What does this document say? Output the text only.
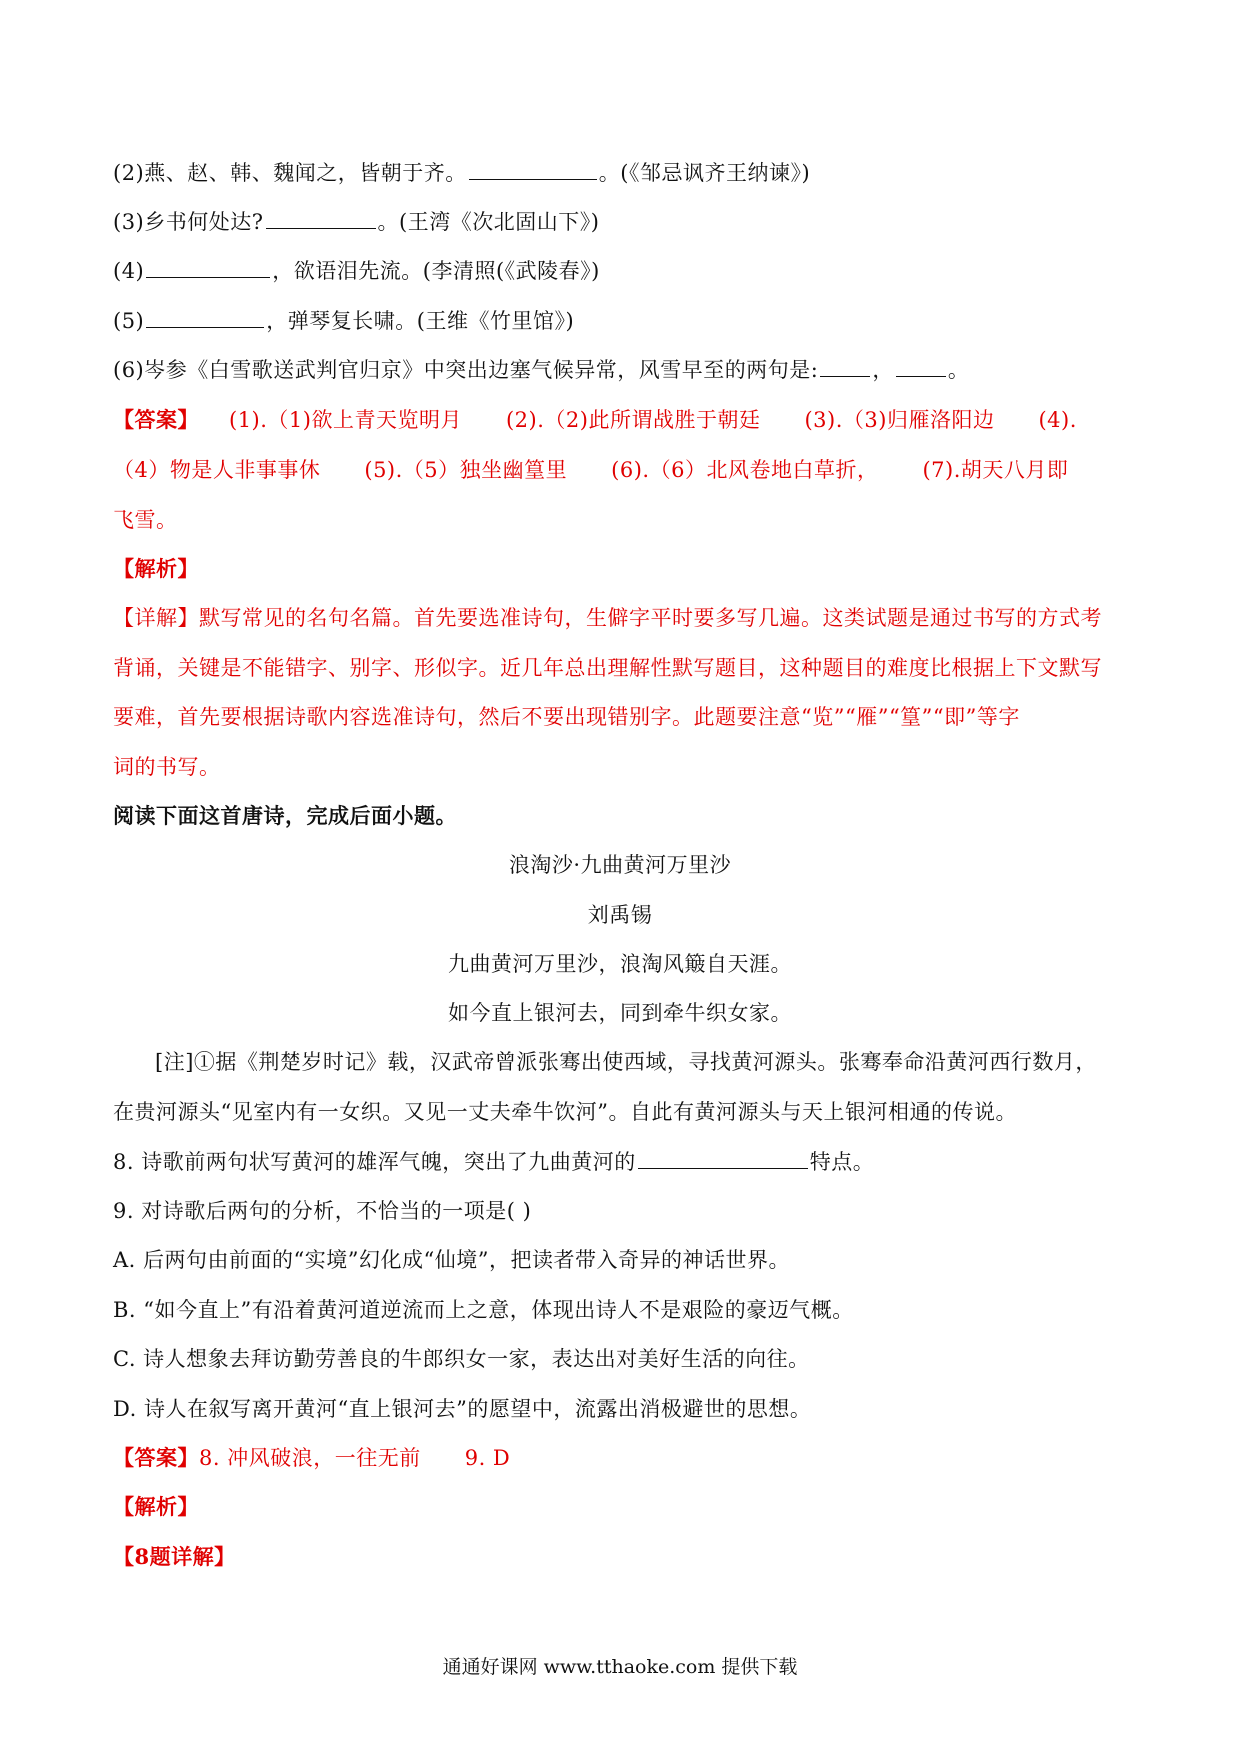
(2)燕、赵、韩、魏闻之，皆朝于齐。	。(《邹忌讽齐王纳谏》)
(3)乡书何处达?	。(王湾《次北固山下》)
(4)	，欲语泪先流。(李清照(《武陵春》)
(5)	，弹琴复长啸。(王维《竹里馆》)
(6)岑参《白雪歌送武判官归京》中突出边塞气候异常，风雪早至的两句是:	，	。
【答案】 (1).（1)欲上青天览明月 (2).（2)此所谓战胜于朝廷 (3).（3)归雁洛阳边 (4).
（4）物是人非事事休 (5).（5）独坐幽篁里 (6).（6）北风卷地白草折， (7).胡天八月即
飞雪。
【解析】
【详解】默写常见的名句名篇。首先要选准诗句，生僻字平时要多写几遍。这类试题是通过书写的方式考
背诵，关键是不能错字、别字、形似字。近几年总出理解性默写题目，这种题目的难度比根据上下文默写
要难，首先要根据诗歌内容选准诗句，然后不要出现错别字。此题要注意“览”“雁”“篁”“即”等字
词的书写。
阅读下面这首唐诗，完成后面小题。
浪淘沙·九曲黄河万里沙
刘禹锡
九曲黄河万里沙，浪淘风簸自天涯。
如今直上银河去，同到牵牛织女家。
[注]①据《荆楚岁时记》载，汉武帝曾派张骞出使西域，寻找黄河源头。张骞奉命沿黄河西行数月，
在贵河源头“见室内有一女织。又见一丈夫牵牛饮河”。自此有黄河源头与天上银河相通的传说。
8. 诗歌前两句状写黄河的雄浑气魄，突出了九曲黄河的	特点。
9. 对诗歌后两句的分析，不恰当的一项是( )
A. 后两句由前面的“实境”幻化成“仙境”，把读者带入奇异的神话世界。
B. “如今直上”有沿着黄河道逆流而上之意，体现出诗人不是艰险的豪迈气概。
C. 诗人想象去拜访勤劳善良的牛郎织女一家，表达出对美好生活的向往。
D. 诗人在叙写离开黄河“直上银河去”的愿望中，流露出消极避世的思想。
【答案】8. 冲风破浪，一往无前 9. D
【解析】
【8题详解】
通通好课网 www.tthaoke.com 提供下载
